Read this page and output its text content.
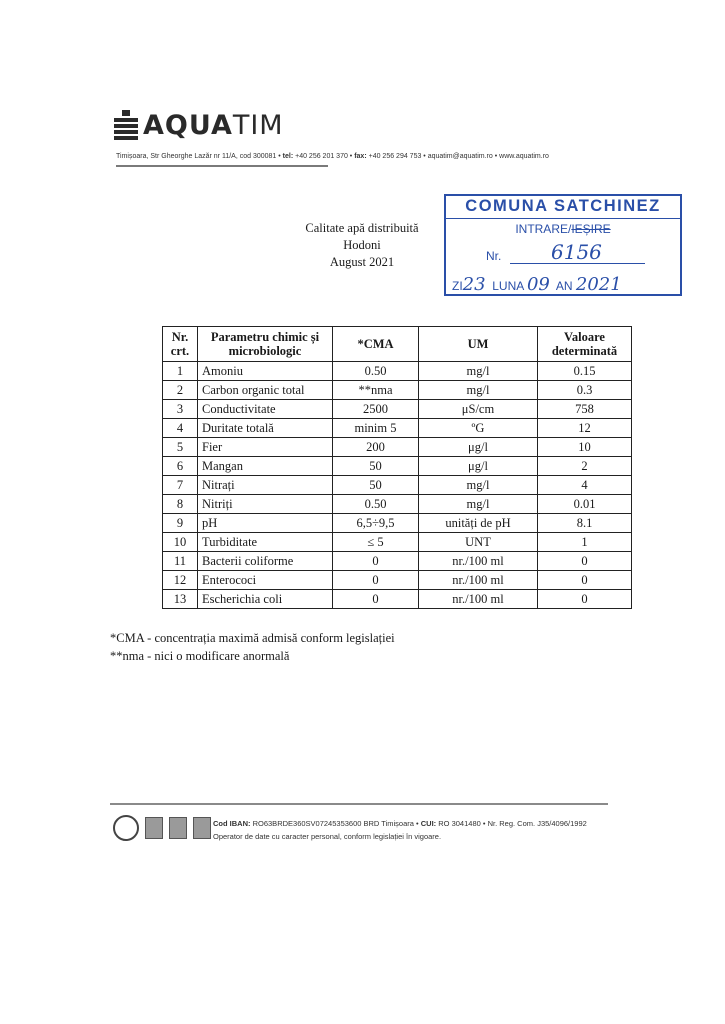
AQUATIM
Timișoara, Str Gheorghe Lazăr nr 11/A, cod 300081 • tel: +40 256 201 370 • fax: +40 256 294 753 • aquatim@aquatim.ro • www.aquatim.ro
Calitate apă distribuită
Hodoni
August 2021
COMUNA SATCHINEZ
INTRARE/IEȘIRE
Nr. 6156
ZI23 LUNA 09 AN 2021
Nr. crt.	Parametru chimic și microbiologic	*CMA	UM	Valoare determinată
1	Amoniu	0.50	mg/l	0.15
2	Carbon organic total	**nma	mg/l	0.3
3	Conductivitate	2500	μS/cm	758
4	Duritate totală	minim 5	ºG	12
5	Fier	200	μg/l	10
6	Mangan	50	μg/l	2
7	Nitrați	50	mg/l	4
8	Nitriți	0.50	mg/l	0.01
9	pH	6,5÷9,5	unități de pH	8.1
10	Turbiditate	≤ 5	UNT	1
11	Bacterii coliforme	0	nr./100 ml	0
12	Enterococi	0	nr./100 ml	0
13	Escherichia coli	0	nr./100 ml	0
*CMA - concentrația maximă admisă conform legislației
**nma - nici o modificare anormală
Cod IBAN: RO63BRDE360SV07245353600 BRD Timișoara • CUI: RO 3041480 • Nr. Reg. Com. J35/4096/1992
Operator de date cu caracter personal, conform legislației în vigoare.
